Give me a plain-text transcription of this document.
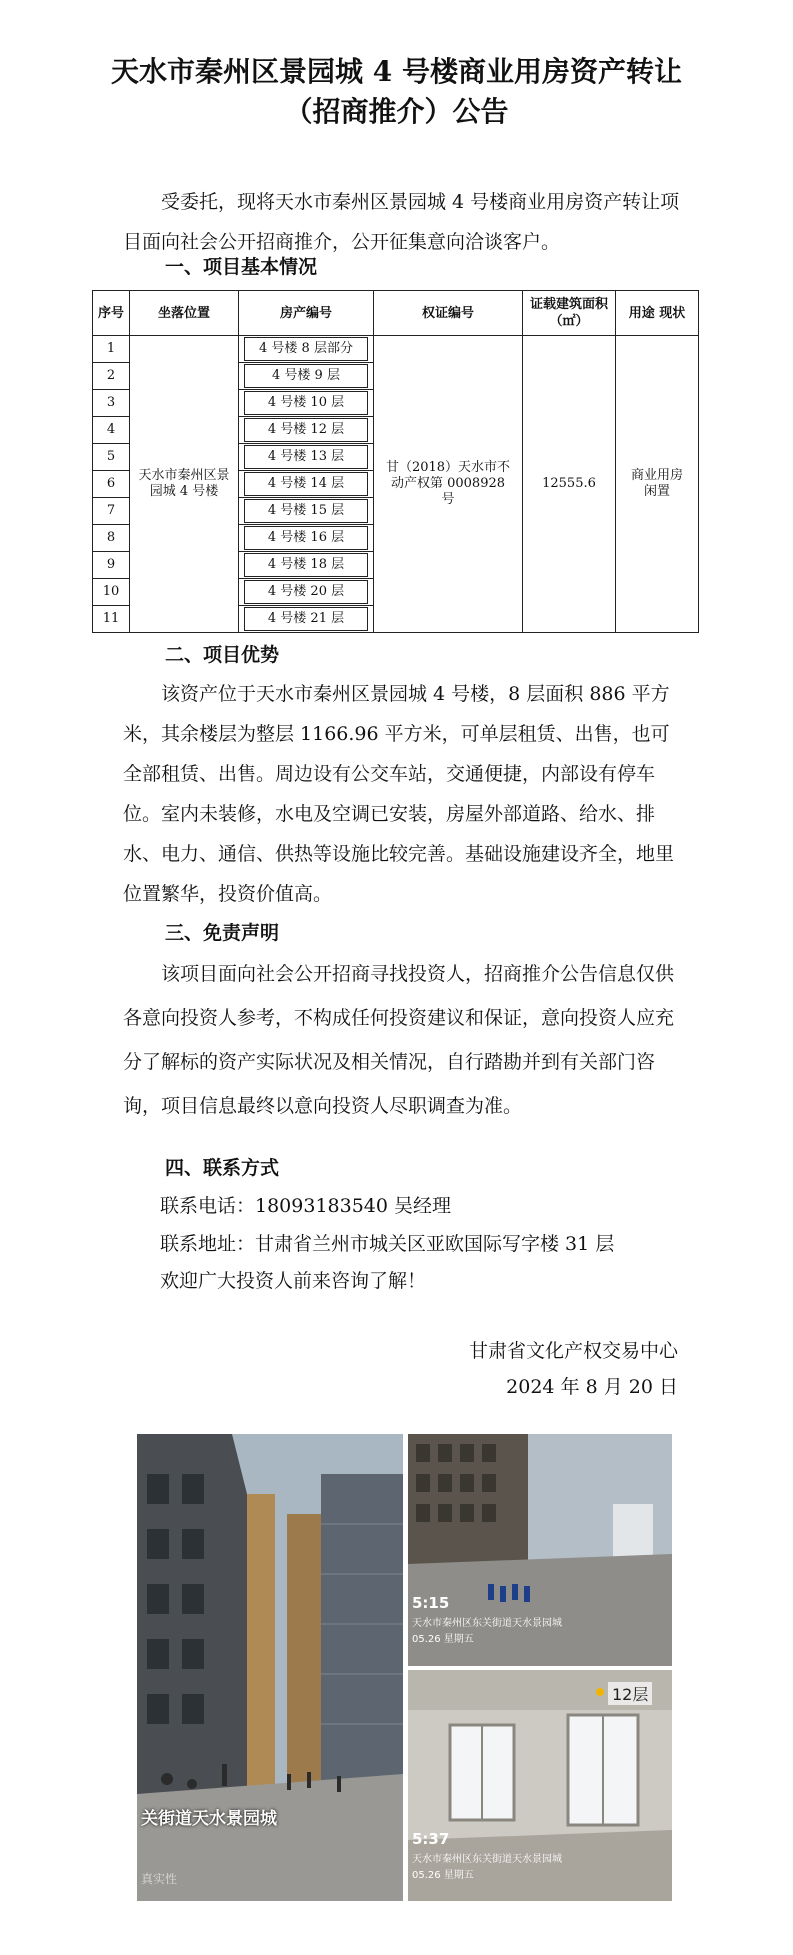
天水市秦州区景园城 4 号楼商业用房资产转让（招商推介）公告
受委托，现将天水市秦州区景园城 4 号楼商业用房资产转让项目面向社会公开招商推介，公开征集意向洽谈客户。
一、项目基本情况
序号	坐落位置	房产编号	权证编号	证载建筑面积（㎡）	用途 现状
1	天水市秦州区景园城 4 号楼	4 号楼 8 层部分	甘（2018）天水市不动产权第 0008928 号	12555.6	商业用房闲置
2		4 号楼 9 层			
3		4 号楼 10 层			
4		4 号楼 12 层			
5		4 号楼 13 层			
6		4 号楼 14 层			
7		4 号楼 15 层			
8		4 号楼 16 层			
9		4 号楼 18 层			
10		4 号楼 20 层			
11		4 号楼 21 层			
二、项目优势
该资产位于天水市秦州区景园城 4 号楼，8 层面积 886 平方米，其余楼层为整层 1166.96 平方米，可单层租赁、出售，也可全部租赁、出售。周边设有公交车站，交通便捷，内部设有停车位。室内未装修，水电及空调已安装，房屋外部道路、给水、排水、电力、通信、供热等设施比较完善。基础设施建设齐全，地里位置繁华，投资价值高。
三、免责声明
该项目面向社会公开招商寻找投资人，招商推介公告信息仅供各意向投资人参考，不构成任何投资建议和保证，意向投资人应充分了解标的资产实际状况及相关情况，自行踏勘并到有关部门咨询，项目信息最终以意向投资人尽职调查为准。
四、联系方式
联系电话：18093183540 吴经理
联系地址：甘肃省兰州市城关区亚欧国际写字楼 31 层
欢迎广大投资人前来咨询了解！
甘肃省文化产权交易中心
2024 年 8 月 20 日
关街道天水景园城
真实性
5:15
天水市秦州区东关街道天水景园城
05.26 星期五
12层
5:37
天水市秦州区东关街道天水景园城
05.26 星期五
